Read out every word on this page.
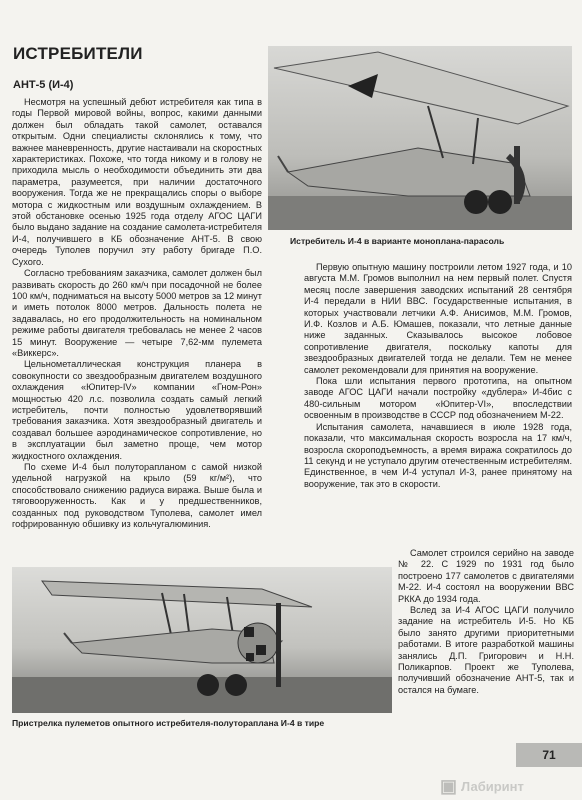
ИСТРЕБИТЕЛИ
АНТ-5 (И-4)

Несмотря на успешный дебют истребителя как типа в годы Первой мировой войны, вопрос, какими данными должен был обладать такой самолет, оставался открытым. Одни специалисты склонялись к тому, что важнее маневренность, другие настаивали на скоростных характеристиках. Похоже, что тогда никому и в голову не приходила мысль о необходимости объединить эти два параметра, разумеется, при наличии достаточного вооружения. Тогда же не прекращались споры о выборе мотора с жидкостным или воздушным охлаждением. В этой обстановке осенью 1925 года отделу АГОС ЦАГИ было выдано задание на создание самолета-истребителя И-4, получившего в КБ обозначение АНТ-5. В свою очередь Туполев поручил эту работу бригаде П.О. Сухого.

Согласно требованиям заказчика, самолет должен был развивать скорость до 260 км/ч при посадочной не более 100 км/ч, подниматься на высоту 5000 метров за 12 минут и иметь потолок 8000 метров. Дальность полета не задавалась, но его продолжительность на номинальном режиме работы двигателя требовалась не менее 2 часов 15 минут. Вооружение — четыре 7,62-мм пулемета «Виккерс».

Цельнометаллическая конструкция планера в совокупности со звездообразным двигателем воздушного охлаждения «Юпитер-IV» компании «Гном-Рон» мощностью 420 л.с. позволила создать самый легкий истребитель, почти полностью удовлетворявший требования заказчика. Хотя звездообразный двигатель и создавал большее аэродинамическое сопротивление, но в эксплуатации был заметно проще, чем мотор жидкостного охлаждения.

По схеме И-4 был полуторапланом с самой низкой удельной нагрузкой на крыло (59 кг/м²), что способствовало снижению радиуса виража. Выше была и тяговооруженность. Как и у предшественников, созданных под руководством Туполева, самолет имел гофрированную обшивку из кольчугалюминия.

Истребитель И-4 в варианте моноплана-парасоль

Первую опытную машину построили летом 1927 года, и 10 августа М.М. Громов выполнил на нем первый полет. Спустя месяц после завершения заводских испытаний 28 сентября И-4 передали в НИИ ВВС. Государственные испытания, в которых участвовали летчики А.Ф. Анисимов, М.М. Громов, И.Ф. Козлов и А.Б. Юмашев, показали, что летные данные ниже заданных. Сказывалось высокое лобовое сопротивление двигателя, поскольку капоты для звездообразных двигателей тогда не делали. Тем не менее самолет рекомендовали для принятия на вооружение.

Пока шли испытания первого прототипа, на опытном заводе АГОС ЦАГИ начали постройку «дублера» И-4бис с 480-сильным мотором «Юпитер-VI», впоследствии освоенным в производстве в СССР под обозначением М-22.

Испытания самолета, начавшиеся в июле 1928 года, показали, что максимальная скорость возросла на 17 км/ч, возросла скороподъемность, а время виража сократилось до 11 секунд и не уступало другим отечественным истребителям. Единственное, в чем И-4 уступал И-3, ранее принятому на вооружение, так это в скорости.

Пристрелка пулеметов опытного истребителя-полутораплана И-4 в тире

Самолет строился серийно на заводе № 22. С 1929 по 1931 год было построено 177 самолетов с двигателями М-22. И-4 состоял на вооружении ВВС РККА до 1934 года.

Вслед за И-4 АГОС ЦАГИ получило задание на истребитель И-5. Но КБ было занято другими приоритетными работами. В итоге разработкой машины занялись Д.П. Григорович и Н.Н. Поликарпов. Проект же Туполева, получивший обозначение АНТ-5, так и остался на бумаге.

71
▣ Лабиринт
